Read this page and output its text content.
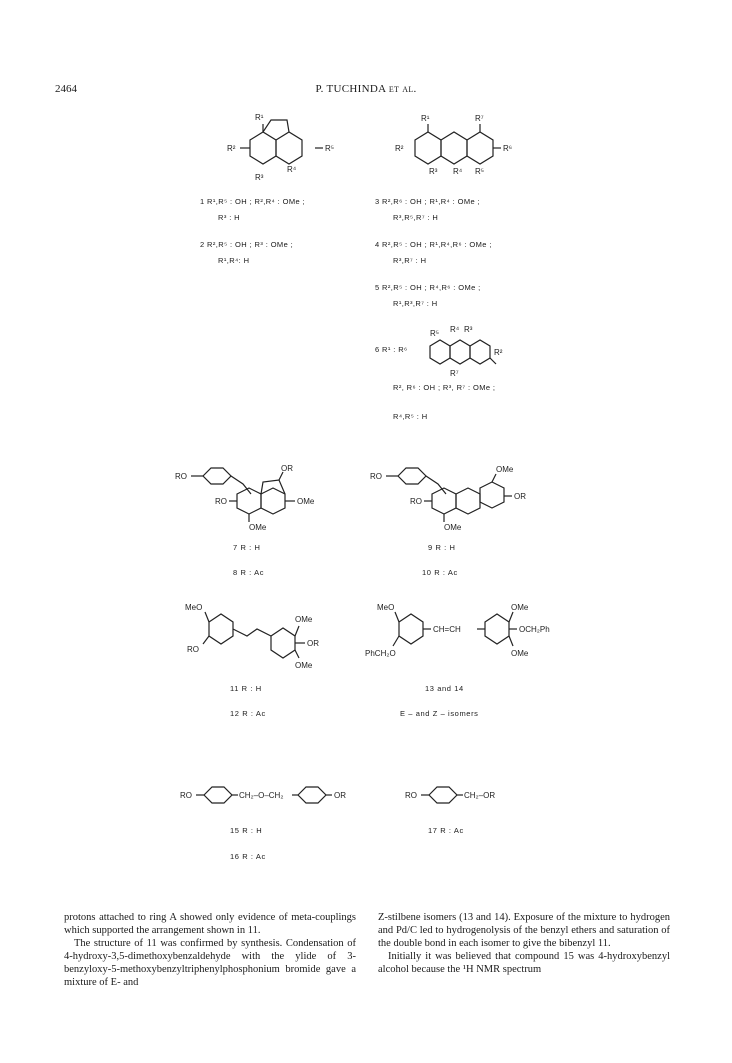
2464	P. TUCHINDA et al.
R¹
R²
R³
R⁴
R⁵
R¹
R²
R³ R⁴ R⁵
R⁶
R⁷
1 R¹,R⁵ : OH ; R²,R⁴ : OMe ;
R³ : H
2 R²,R⁵ : OH ; R³ : OMe ;
R¹,R⁴: H
3 R²,R⁶ : OH ; R¹,R⁴ : OMe ;
R³,R⁵,R⁷ : H
4 R²,R⁵ : OH ; R¹,R⁴,R⁶ : OMe ;
R³,R⁷ : H
5 R²,R⁵ : OH ; R⁴,R⁶ : OMe ;
R¹,R³,R⁷ : H
R⁵ R⁴ R³
R²
R⁷
6 R¹ : R⁶
R², R⁶ : OH ; R³, R⁷ : OMe ;
R⁴,R⁵ : H
RO
RO
OR
OMe
OMe
7 R : H
8 R : Ac
RO
RO
OMe
OR
OMe
9 R : H
10 R : Ac
MeO
RO
OMe
OR
OMe
11 R : H
12 R : Ac
MeO
PhCH₂O
CH=CH
OMe
OCH₂Ph
OMe
13 and 14
E – and Z – isomers
RO	CH₂–O–CH₂	OR
15 R : H
16 R : Ac
RO	CH₂–OR
17 R : Ac

protons attached to ring A showed only evidence of meta-couplings which supported the arrangement shown in 11.

The structure of 11 was confirmed by synthesis. Condensation of 4-hydroxy-3,5-dimethoxybenzaldehyde with the ylide of 3-benzyloxy-5-methoxybenzyltriphenylphosphonium bromide gave a mixture of E- and

Z-stilbene isomers (13 and 14). Exposure of the mixture to hydrogen and Pd/C led to hydrogenolysis of the benzyl ethers and saturation of the double bond in each isomer to give the bibenzyl 11.

Initially it was believed that compound 15 was 4-hydroxybenzyl alcohol because the ¹H NMR spectrum
